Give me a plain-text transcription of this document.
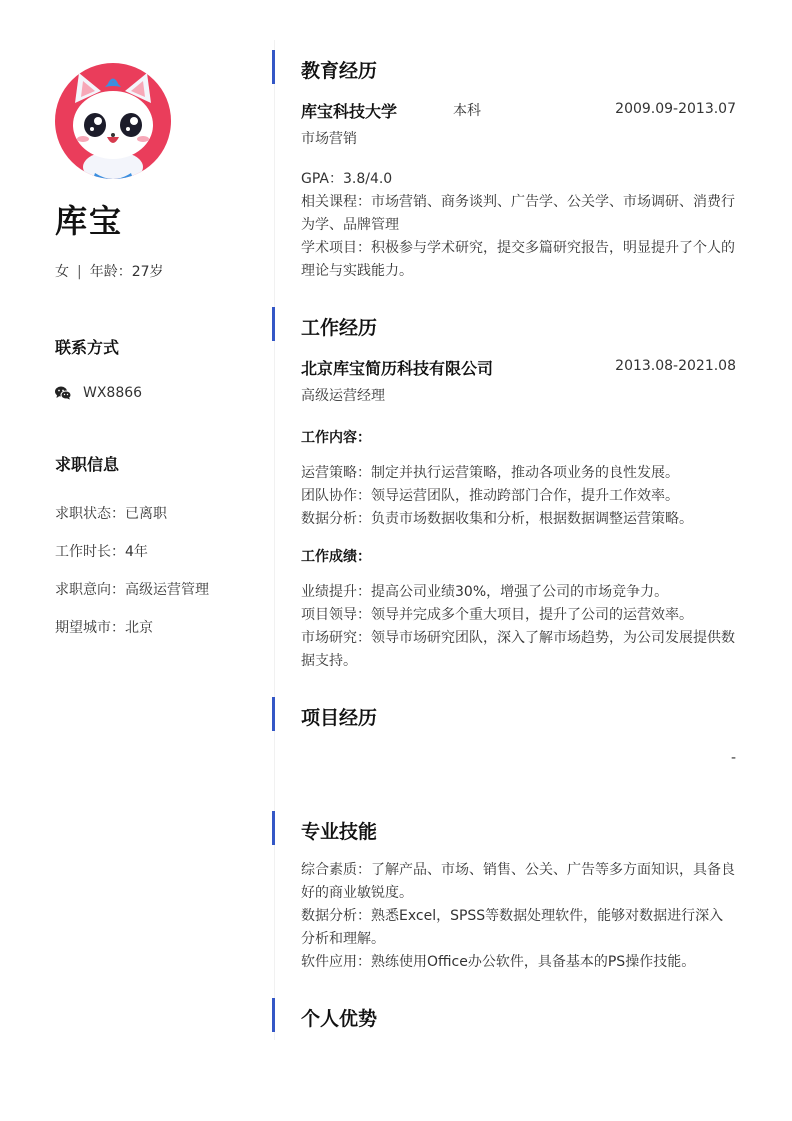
库宝
女 | 年龄：27岁
联系方式
WX8866
求职信息
求职状态：已离职
工作时长：4年
求职意向：高级运营管理
期望城市：北京
教育经历
库宝科技大学	本科	2009.09-2013.07
市场营销
GPA：3.8/4.0
相关课程：市场营销、商务谈判、广告学、公关学、市场调研、消费行为学、品牌管理
学术项目：积极参与学术研究，提交多篇研究报告，明显提升了个人的理论与实践能力。
工作经历
北京库宝简历科技有限公司	2013.08-2021.08
高级运营经理
工作内容：
运营策略：制定并执行运营策略，推动各项业务的良性发展。
团队协作：领导运营团队，推动跨部门合作，提升工作效率。
数据分析：负责市场数据收集和分析，根据数据调整运营策略。
工作成绩：
业绩提升：提高公司业绩30%，增强了公司的市场竞争力。
项目领导：领导并完成多个重大项目，提升了公司的运营效率。
市场研究：领导市场研究团队，深入了解市场趋势，为公司发展提供数据支持。
项目经历
-
专业技能
综合素质：了解产品、市场、销售、公关、广告等多方面知识，具备良好的商业敏锐度。
数据分析：熟悉Excel，SPSS等数据处理软件，能够对数据进行深入分析和理解。
软件应用：熟练使用Office办公软件，具备基本的PS操作技能。
个人优势
